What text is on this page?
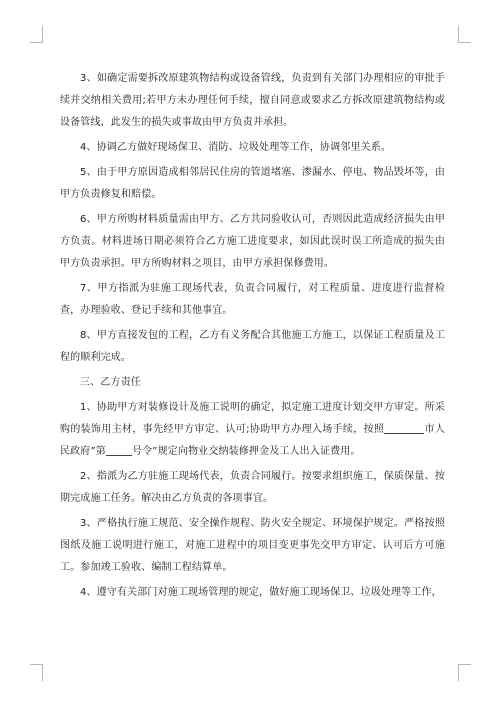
3、如确定需要拆改原建筑物结构或设备管线，负责到有关部门办理相应的审批手续并交纳相关费用;若甲方未办理任何手续，擅自同意或要求乙方拆改原建筑物结构或设备管线，此发生的损失或事故由甲方负责并承担。

4、协调乙方做好现场保卫、消防、垃圾处理等工作，协调邻里关系。

5、由于甲方原因造成相邻居民住房的管道堵塞、渗漏水、停电、物品毁坏等，由甲方负责修复和赔偿。

6、甲方所购材料质量需由甲方、乙方共同验收认可，否则因此造成经济损失由甲方负责。材料进场日期必须符合乙方施工进度要求，如因此误时误工所造成的损失由甲方负责承担。甲方所购材料之项目，由甲方承担保修费用。

7、甲方指派为驻施工现场代表，负责合同履行，对工程质量、进度进行监督检查，办理验收、登记手续和其他事宜。

8、甲方直接发包的工程，乙方有义务配合其他施工方施工，以保证工程质量及工程的顺利完成。

三、乙方责任

1、协助甲方对装修设计及施工说明的确定，拟定施工进度计划交甲方审定。所采购的装饰用主材，事先经甲方审定、认可;协助甲方办理入场手续，按照	市人民政府”第	号令”规定向物业交纳装修押金及工人出入证费用。

2、指派为乙方驻施工现场代表，负责合同履行。按要求组织施工，保质保量、按期完成施工任务。解决由乙方负责的各项事宜。

3、严格执行施工规范、安全操作规程、防火安全规定、环境保护规定。严格按照图纸及施工说明进行施工，对施工进程中的项目变更事先交甲方审定、认可后方可施工。参加竣工验收、编制工程结算单。

4、遵守有关部门对施工现场管理的规定，做好施工现场保卫、垃圾处理等工作，
